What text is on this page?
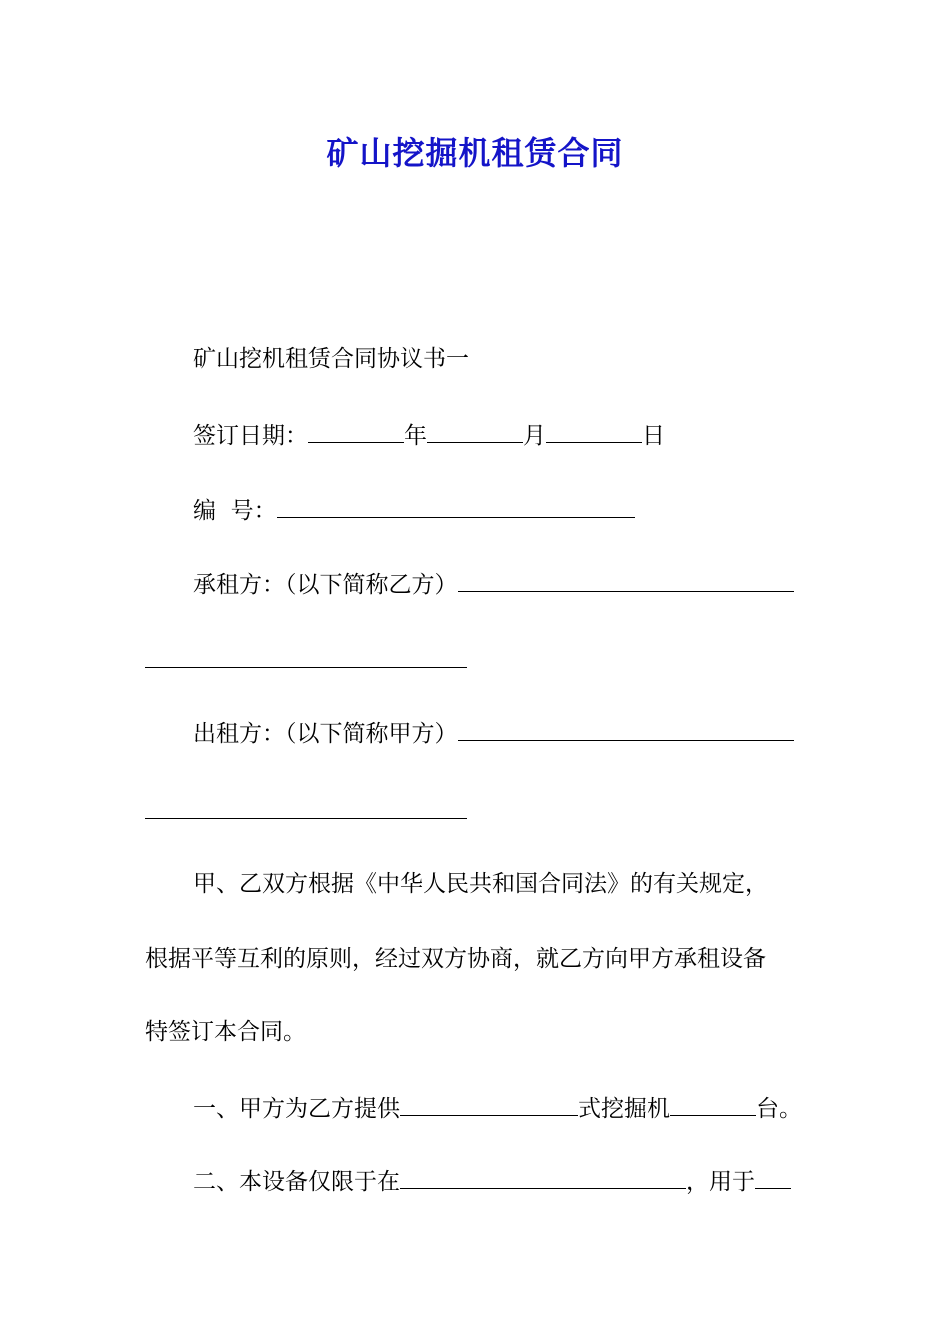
矿山挖掘机租赁合同
矿山挖机租赁合同协议书一
签订日期：	年	月	日
编  号：
承租方：（以下简称乙方）
出租方：（以下简称甲方）
甲、乙双方根据《中华人民共和国合同法》的有关规定，
根据平等互利的原则，经过双方协商，就乙方向甲方承租设备
特签订本合同。
一、甲方为乙方提供	式挖掘机	台。
二、本设备仅限于在	，用于
